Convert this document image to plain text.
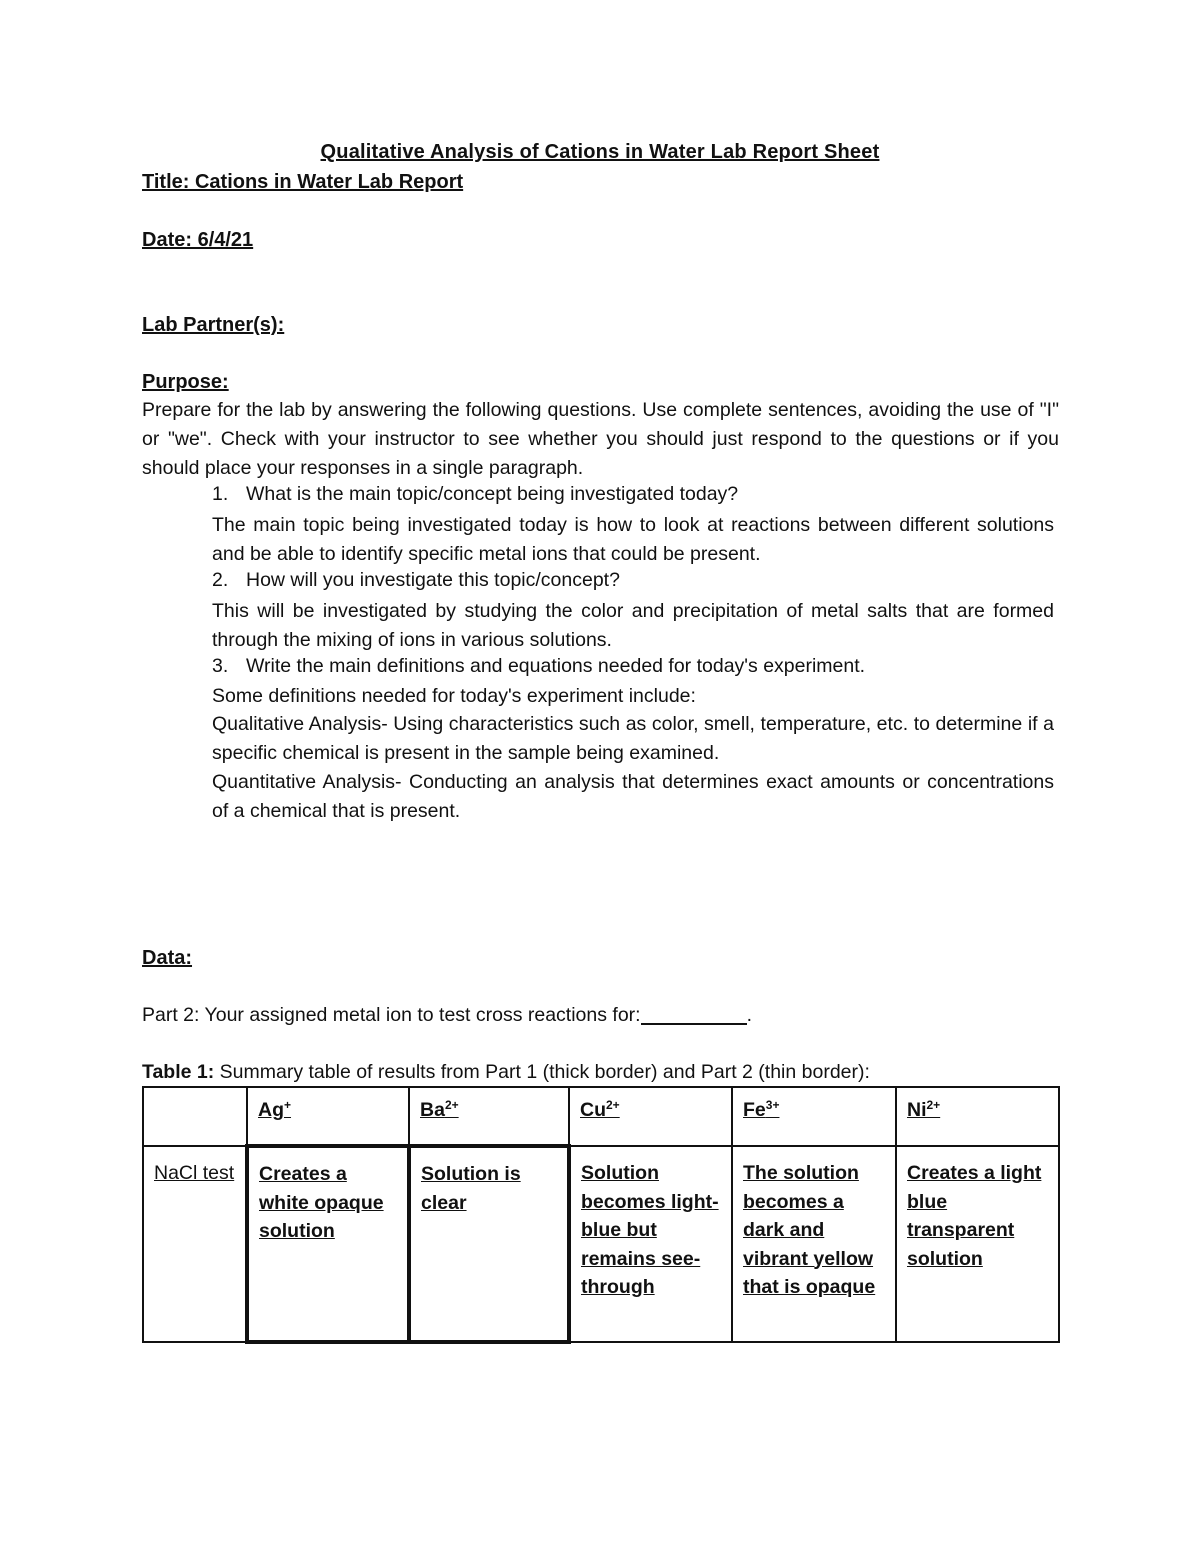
Qualitative Analysis of Cations in Water Lab Report Sheet
Title: Cations in Water Lab Report
Date: 6/4/21
Lab Partner(s):
Purpose:
Prepare for the lab by answering the following questions. Use complete sentences, avoiding the use of "I" or "we". Check with your instructor to see whether you should just respond to the questions or if you should place your responses in a single paragraph.
1. What is the main topic/concept being investigated today?
The main topic being investigated today is how to look at reactions between different solutions and be able to identify specific metal ions that could be present.
2. How will you investigate this topic/concept?
This will be investigated by studying the color and precipitation of metal salts that are formed through the mixing of ions in various solutions.
3. Write the main definitions and equations needed for today's experiment.
Some definitions needed for today's experiment include:
Qualitative Analysis- Using characteristics such as color, smell, temperature, etc. to determine if a specific chemical is present in the sample being examined.
Quantitative Analysis- Conducting an analysis that determines exact amounts or concentrations of a chemical that is present.
Data:
Part 2: Your assigned metal ion to test cross reactions for:	.
Table 1: Summary table of results from Part 1 (thick border) and Part 2 (thin border):
	Ag+	$Ba^{2+}$	$Cu^{2+}$	$Fe^{3+}$	$Ni^{2+}$
NaCl test	Creates a white opaque solution	Solution is clear	Solution becomes light-blue but remains see-through	The solution becomes a dark and vibrant yellow that is opaque	Creates a light blue transparent solution
